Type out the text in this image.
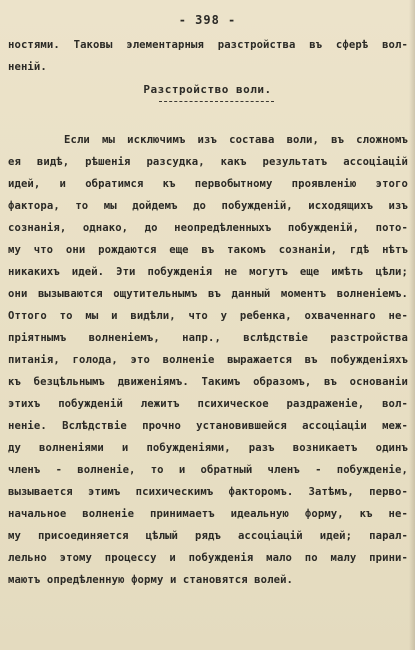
- 398 -
ностями. Таковы элементарныя разстройства въ сферѣ вол-
неній.
Разстройство воли.
Если мы исключимъ изъ состава воли, въ сложномъ
ея видѣ, рѣшенія разсудка, какъ результатъ ассоціацій
идей, и обратимся къ первобытному проявленію этого
фактора, то мы дойдемъ до побужденій, исходящихъ изъ
сознанія, однако, до неопредѣленныхъ побужденій, пото-
му что они рождаются еще въ такомъ сознаніи, гдѣ нѣтъ
никакихъ идей. Эти побужденія не могутъ еще имѣть цѣли;
они вызываются ощутительнымъ въ данный моментъ волненіемъ.
Оттого то мы и видѣли, что у ребенка, охваченнаго не-
пріятнымъ волненіемъ, напр., вслѣдствіе разстройства
питанія, голода, это волненіе выражается въ побужденіяхъ
къ безцѣльнымъ движеніямъ. Такимъ образомъ, въ основаніи
этихъ побужденій лежитъ психическое раздраженіе, вол-
неніе. Вслѣдствіе прочно установившейся ассоціаціи меж-
ду волненіями и побужденіями, разъ возникаетъ одинъ
членъ - волненіе, то и обратный членъ - побужденіе,
вызывается этимъ психическимъ факторомъ. Затѣмъ, перво-
начальное волненіе принимаетъ идеальную форму, къ не-
му присоединяется цѣлый рядъ ассоціацій идей; парал-
лельно этому процессу и побужденія мало по малу прини-
маютъ опредѣленную форму и становятся волей.
